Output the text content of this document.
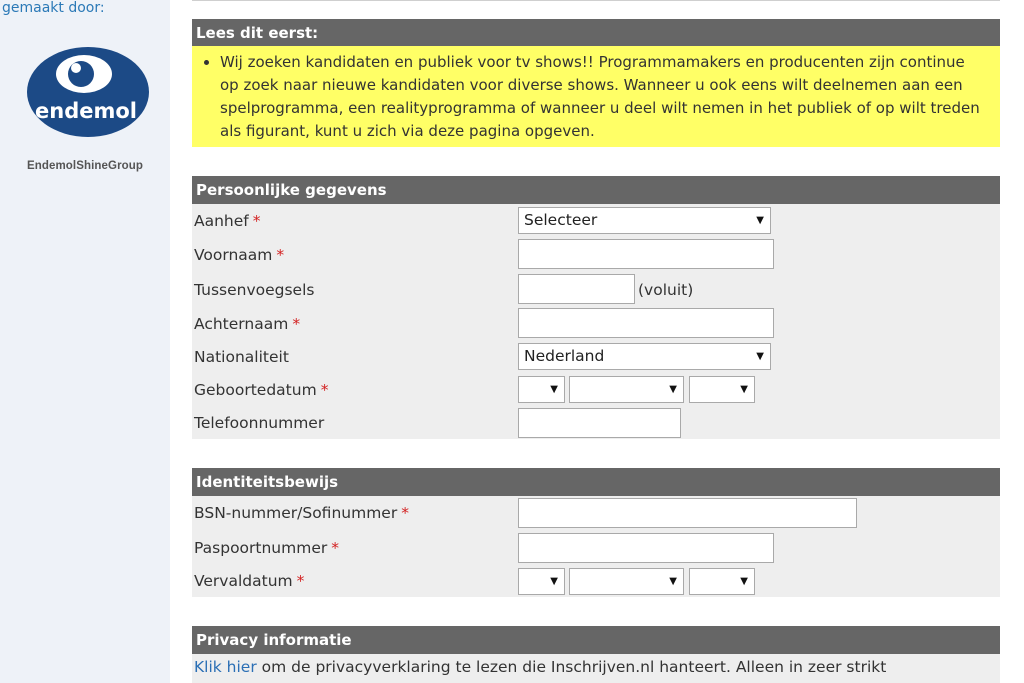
gemaakt door:
endemol
EndemolShineGroup
Lees dit eerst:
• Wij zoeken kandidaten en publiek voor tv shows!! Programmamakers en producenten zijn continue op zoek naar nieuwe kandidaten voor diverse shows. Wanneer u ook eens wilt deelnemen aan een spelprogramma, een realityprogramma of wanneer u deel wilt nemen in het publiek of op wilt treden als figurant, kunt u zich via deze pagina opgeven.
Persoonlijke gegevens
Aanhef *	Selecteer	▼
Voornaam *
Tussenvoegsels	(voluit)
Achternaam *
Nationaliteit	Nederland	▼
Geboortedatum *	▼	▼	▼
Telefoonnummer
Identiteitsbewijs
BSN-nummer/Sofinummer *
Paspoortnummer *
Vervaldatum *	▼	▼	▼
Privacy informatie
Klik hier om de privacyverklaring te lezen die Inschrijven.nl hanteert. Alleen in zeer strikt
